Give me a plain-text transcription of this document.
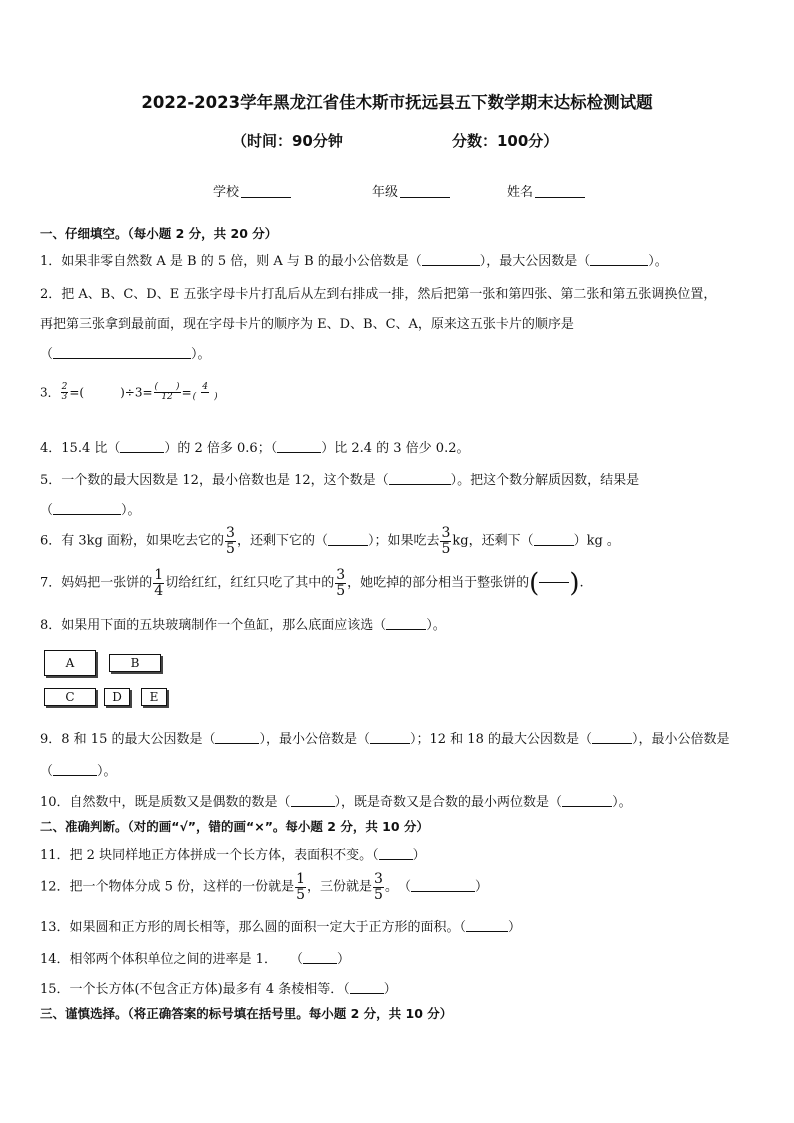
2022-2023学年黑龙江省佳木斯市抚远县五下数学期末达标检测试题
（时间：90分钟	分数：100分）
学校	年级	姓名
一、仔细填空。（每小题 2 分，共 20 分）
1．如果非零自然数 A 是 B 的 5 倍，则 A 与 B 的最小公倍数是（	），最大公因数是（	）。
2．把 A、B、C、D、E 五张字母卡片打乱后从左到右排成一排，然后把第一张和第四张、第二张和第五张调换位置，
再把第三张拿到最前面，现在字母卡片的顺序为 E、D、B、C、A，原来这五张卡片的顺序是
（	）。
3． $\frac{2}{3}$ =(　　　)$\div 3= \frac{( )}{12} = \frac{4}{( )}$
4．15.4 比（	）的 2 倍多 0.6；（	）比 2.4 的 3 倍少 0.2。
5．一个数的最大因数是 12，最小倍数也是 12，这个数是（	）。把这个数分解质因数，结果是
（	）。
6．有 3kg 面粉，如果吃去它的 $\frac{3}{5}$ ，还剩下它的（	）；如果吃去 $\frac{3}{5}$ kg，还剩下（	）kg 。
7．妈妈把一张饼的 $\frac{1}{4}$ 切给红红，红红只吃了其中的 $\frac{3}{5}$ ，她吃掉的部分相当于整张饼的( ).
8．如果用下面的五块玻璃制作一个鱼缸，那么底面应该选（	）。
A	B
C	D	E
9．8 和 15 的最大公因数是（	），最小公倍数是（	）；12 和 18 的最大公因数是（	），最小公倍数是
（	）。
10．自然数中，既是质数又是偶数的数是（	），既是奇数又是合数的最小两位数是（	）。
二、准确判断。（对的画“√”，错的画“×”。每小题 2 分，共 10 分）
11．把 2 块同样地正方体拼成一个长方体，表面积不变。（	）
12．把一个物体分成 5 份，这样的一份就是 $\frac{1}{5}$ ，三份就是 $\frac{3}{5}$ 。　（	）
13．如果圆和正方形的周长相等，那么圆的面积一定大于正方形的面积。（	）
14．相邻两个体积单位之间的进率是 1．　　（	）
15．一个长方体(不包含正方体)最多有 4 条棱相等．（	）
三、谨慎选择。（将正确答案的标号填在括号里。每小题 2 分，共 10 分）
